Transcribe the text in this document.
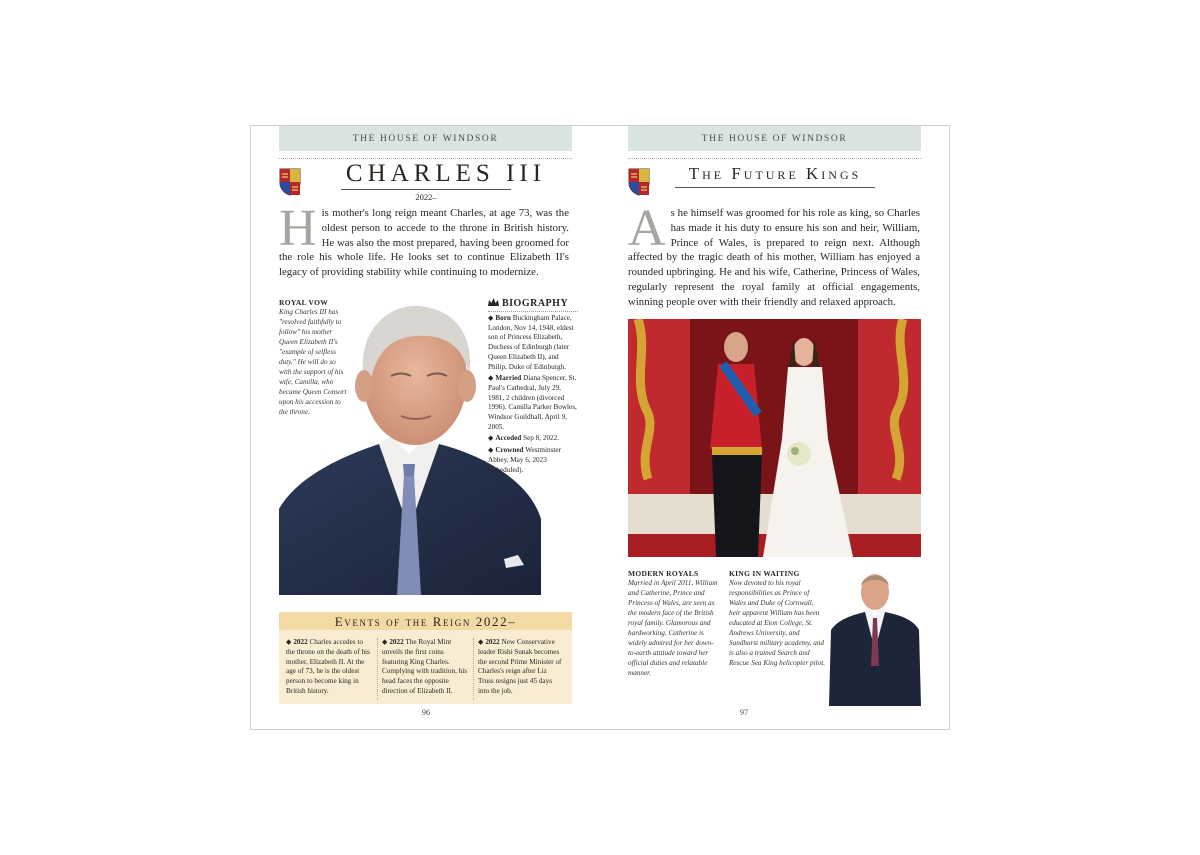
THE HOUSE OF WINDSOR
CHARLES III
2022–
His mother's long reign meant Charles, at age 73, was the oldest person to accede to the throne in British history. He was also the most prepared, having been groomed for the role his whole life. He looks set to continue Elizabeth II's legacy of providing stability while continuing to modernize.
ROYAL VOW
King Charles III has "resolved faithfully to follow" his mother Queen Elizabeth II's "example of selfless duty." He will do so with the support of his wife, Camilla, who became Queen Consort upon his accession to the throne.
BIOGRAPHY
◆ Born Buckingham Palace, London, Nov 14, 1948, eldest son of Princess Elizabeth, Duchess of Edinburgh (later Queen Elizabeth II), and Philip, Duke of Edinburgh.
◆ Married Diana Spencer, St. Paul's Cathedral, July 29, 1981, 2 children (divorced 1996). Camilla Parker Bowles, Windsor Guildhall, April 9, 2005.
◆ Acceded Sep 8, 2022.
◆ Crowned Westminster Abbey, May 6, 2023 (scheduled).
Events of the Reign 2022–
◆ 2022 Charles accedes to the throne on the death of his mother, Elizabeth II. At the age of 73, he is the oldest person to become king in British history.
◆ 2022 The Royal Mint unveils the first coins featuring King Charles. Complying with tradition, his head faces the opposite direction of Elizabeth II.
◆ 2022 New Conservative leader Rishi Sunak becomes the second Prime Minister of Charles's reign after Liz Truss resigns just 45 days into the job.
96
THE HOUSE OF WINDSOR
The Future Kings
As he himself was groomed for his role as king, so Charles has made it his duty to ensure his son and heir, William, Prince of Wales, is prepared to reign next. Although affected by the tragic death of his mother, William has enjoyed a rounded upbringing. He and his wife, Catherine, Princess of Wales, regularly represent the royal family at official engagements, winning people over with their friendly and relaxed approach.
MODERN ROYALS
Married in April 2011, William and Catherine, Prince and Princess of Wales, are seen as the modern face of the British royal family. Glamorous and hardworking, Catherine is widely admired for her down-to-earth attitude toward her official duties and relatable manner.
KING IN WAITING
Now devoted to his royal responsibilities as Prince of Wales and Duke of Cornwall, heir apparent William has been educated at Eton College, St. Andrews University, and Sandhurst military academy, and is also a trained Search and Rescue Sea King helicopter pilot.
97
